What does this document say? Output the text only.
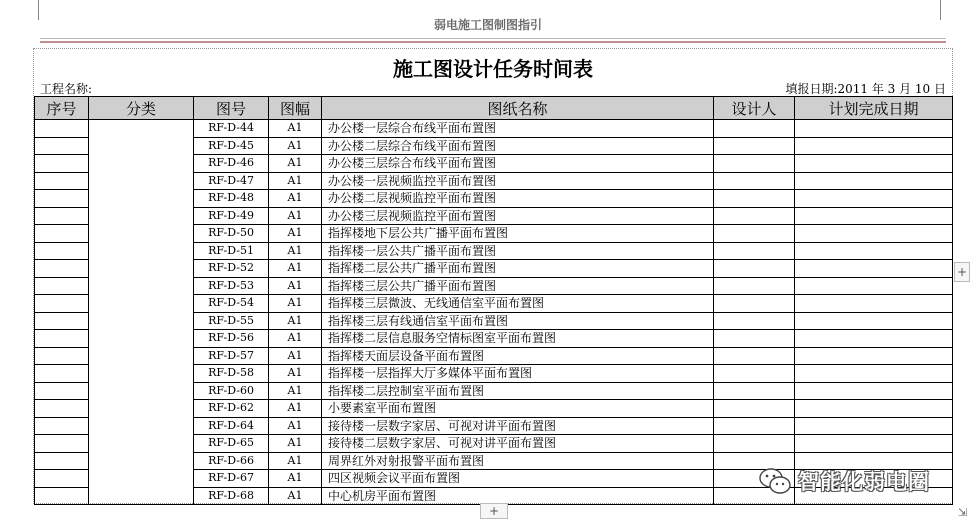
弱电施工图制图指引
施工图设计任务时间表
工程名称:	填报日期:2011 年 3 月 10 日
序号	分类	图号	图幅	图纸名称	设计人	计划完成日期
		RF-D-44	A1	办公楼一层综合布线平面布置图		
		RF-D-45	A1	办公楼二层综合布线平面布置图		
		RF-D-46	A1	办公楼三层综合布线平面布置图		
		RF-D-47	A1	办公楼一层视频监控平面布置图		
		RF-D-48	A1	办公楼二层视频监控平面布置图		
		RF-D-49	A1	办公楼三层视频监控平面布置图		
		RF-D-50	A1	指挥楼地下层公共广播平面布置图		
		RF-D-51	A1	指挥楼一层公共广播平面布置图		
		RF-D-52	A1	指挥楼二层公共广播平面布置图		
		RF-D-53	A1	指挥楼三层公共广播平面布置图		
		RF-D-54	A1	指挥楼三层微波、无线通信室平面布置图		
		RF-D-55	A1	指挥楼三层有线通信室平面布置图		
		RF-D-56	A1	指挥楼二层信息服务空情标图室平面布置图		
		RF-D-57	A1	指挥楼天面层设备平面布置图		
		RF-D-58	A1	指挥楼一层指挥大厅多媒体平面布置图		
		RF-D-60	A1	指挥楼二层控制室平面布置图		
		RF-D-62	A1	小要素室平面布置图		
		RF-D-64	A1	接待楼一层数字家居、可视对讲平面布置图		
		RF-D-65	A1	接待楼二层数字家居、可视对讲平面布置图		
		RF-D-66	A1	周界红外对射报警平面布置图		
		RF-D-67	A1	四区视频会议平面布置图		
		RF-D-68	A1	中心机房平面布置图		
+
+	⇲
智能化弱电圈
